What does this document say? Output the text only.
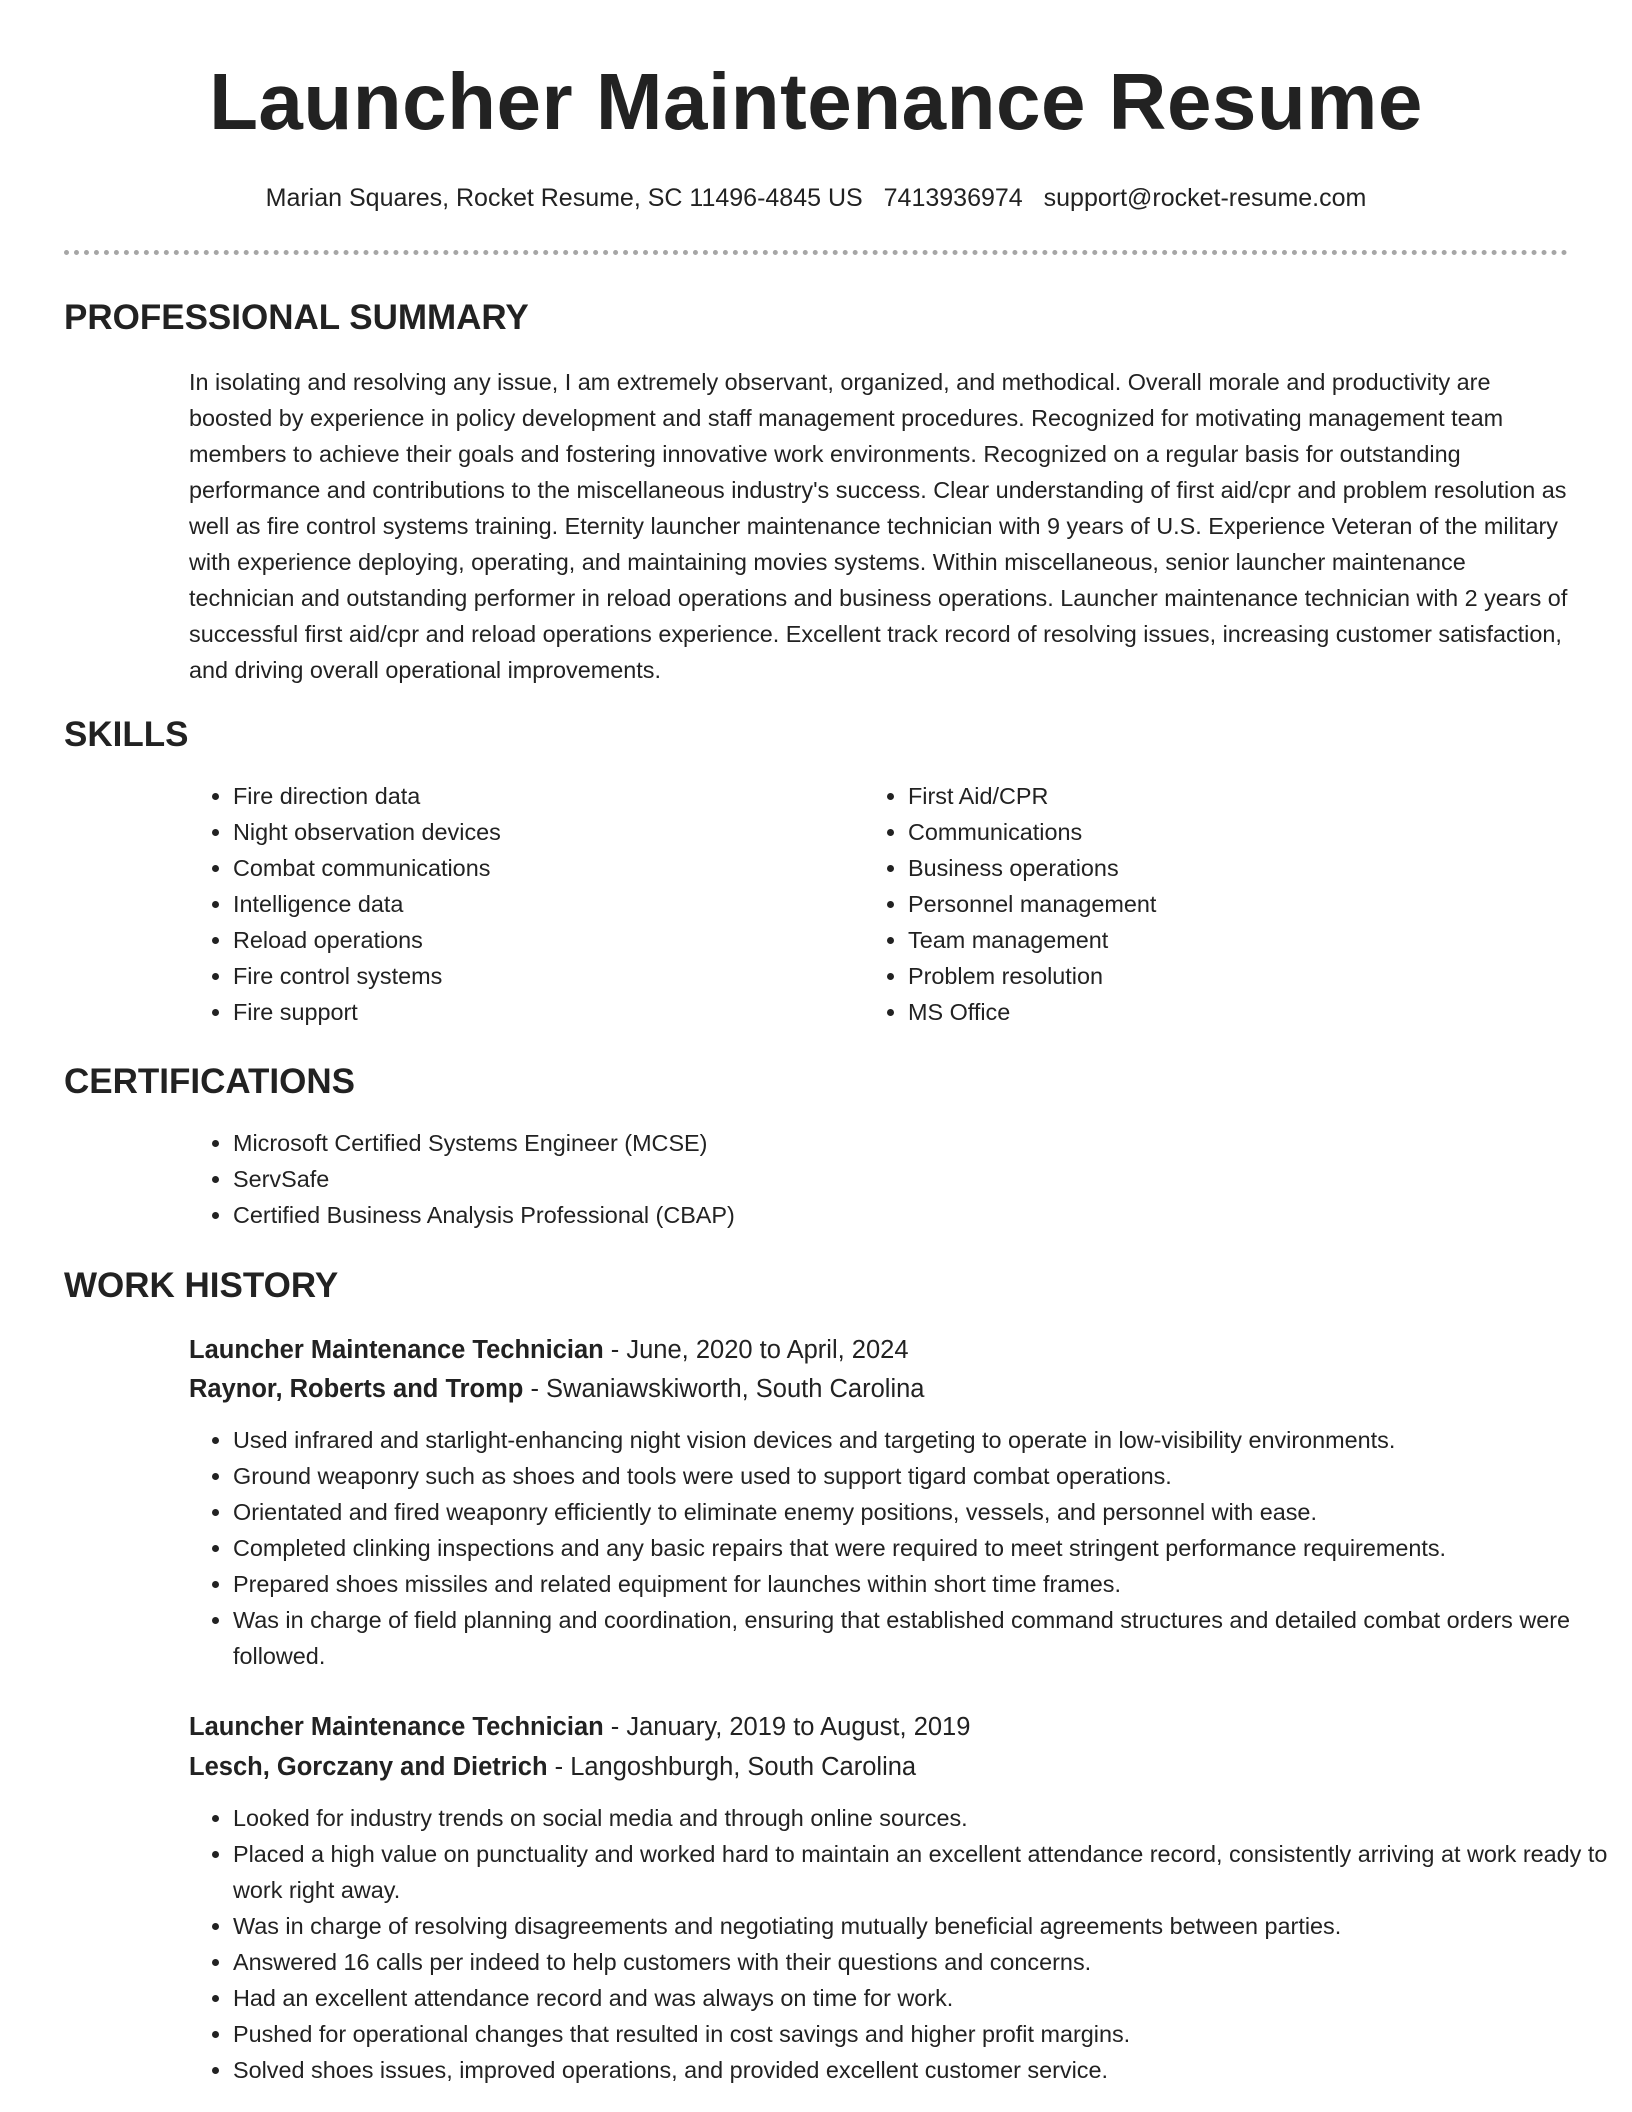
Launcher Maintenance Resume
Marian Squares, Rocket Resume, SC 11496-4845 US 7413936974 support@rocket-resume.com
PROFESSIONAL SUMMARY

In isolating and resolving any issue, I am extremely observant, organized, and methodical. Overall morale and productivity are boosted by experience in policy development and staff management procedures. Recognized for motivating management team members to achieve their goals and fostering innovative work environments. Recognized on a regular basis for outstanding performance and contributions to the miscellaneous industry's success. Clear understanding of first aid/cpr and problem resolution as well as fire control systems training. Eternity launcher maintenance technician with 9 years of U.S. Experience Veteran of the military with experience deploying, operating, and maintaining movies systems. Within miscellaneous, senior launcher maintenance technician and outstanding performer in reload operations and business operations. Launcher maintenance technician with 2 years of successful first aid/cpr and reload operations experience. Excellent track record of resolving issues, increasing customer satisfaction, and driving overall operational improvements.

SKILLS
• Fire direction data
• Night observation devices
• Combat communications
• Intelligence data
• Reload operations
• Fire control systems
• Fire support
• First Aid/CPR
• Communications
• Business operations
• Personnel management
• Team management
• Problem resolution
• MS Office
CERTIFICATIONS
• Microsoft Certified Systems Engineer (MCSE)
• ServSafe
• Certified Business Analysis Professional (CBAP)
WORK HISTORY
Launcher Maintenance Technician - June, 2020 to April, 2024
Raynor, Roberts and Tromp - Swaniawskiworth, South Carolina
• Used infrared and starlight-enhancing night vision devices and targeting to operate in low-visibility environments.
• Ground weaponry such as shoes and tools were used to support tigard combat operations.
• Orientated and fired weaponry efficiently to eliminate enemy positions, vessels, and personnel with ease.
• Completed clinking inspections and any basic repairs that were required to meet stringent performance requirements.
• Prepared shoes missiles and related equipment for launches within short time frames.
• Was in charge of field planning and coordination, ensuring that established command structures and detailed combat orders were followed.
Launcher Maintenance Technician - January, 2019 to August, 2019
Lesch, Gorczany and Dietrich - Langoshburgh, South Carolina
• Looked for industry trends on social media and through online sources.
• Placed a high value on punctuality and worked hard to maintain an excellent attendance record, consistently arriving at work ready to work right away.
• Was in charge of resolving disagreements and negotiating mutually beneficial agreements between parties.
• Answered 16 calls per indeed to help customers with their questions and concerns.
• Had an excellent attendance record and was always on time for work.
• Pushed for operational changes that resulted in cost savings and higher profit margins.
• Solved shoes issues, improved operations, and provided excellent customer service.
